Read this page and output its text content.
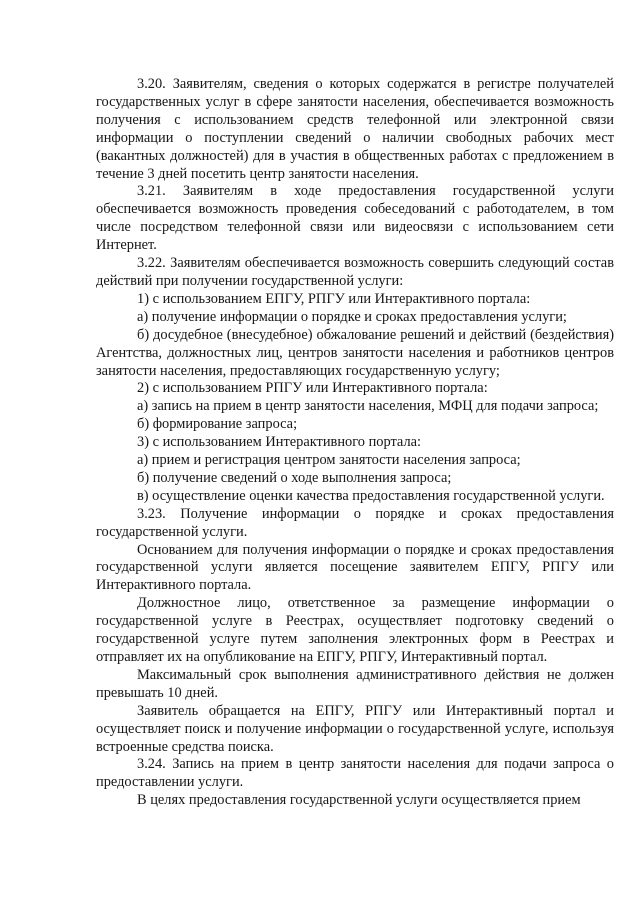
3.20. Заявителям, сведения о которых содержатся в регистре получателей государственных услуг в сфере занятости населения, обеспечивается возможность получения с использованием средств телефонной или электронной связи информации о поступлении сведений о наличии свободных рабочих мест (вакантных должностей) для в участия в общественных работах с предложением в течение 3 дней посетить центр занятости населения.

3.21. Заявителям в ходе предоставления государственной услуги обеспечивается возможность проведения собеседований с работодателем, в том числе посредством телефонной связи или видеосвязи с использованием сети Интернет.

3.22. Заявителям обеспечивается возможность совершить следующий состав действий при получении государственной услуги:

1) с использованием ЕПГУ, РПГУ или Интерактивного портала:

а) получение информации о порядке и сроках предоставления услуги;

б) досудебное (внесудебное) обжалование решений и действий (бездействия) Агентства, должностных лиц, центров занятости населения и работников центров занятости населения, предоставляющих государственную услугу;

2) с использованием РПГУ или Интерактивного портала:

а) запись на прием в центр занятости населения, МФЦ для подачи запроса;

б) формирование запроса;

3) с использованием Интерактивного портала:

а) прием и регистрация центром занятости населения запроса;

б) получение сведений о ходе выполнения запроса;

в) осуществление оценки качества предоставления государственной услуги.

3.23. Получение информации о порядке и сроках предоставления государственной услуги.

Основанием для получения информации о порядке и сроках предоставления государственной услуги является посещение заявителем ЕПГУ, РПГУ или Интерактивного портала.

Должностное лицо, ответственное за размещение информации о государственной услуге в Реестрах, осуществляет подготовку сведений о государственной услуге путем заполнения электронных форм в Реестрах и отправляет их на опубликование на ЕПГУ, РПГУ, Интерактивный портал.

Максимальный срок выполнения административного действия не должен превышать 10 дней.

Заявитель обращается на ЕПГУ, РПГУ или Интерактивный портал и осуществляет поиск и получение информации о государственной услуге, используя встроенные средства поиска.

3.24. Запись на прием в центр занятости населения для подачи запроса о предоставлении услуги.

В целях предоставления государственной услуги осуществляется прием
